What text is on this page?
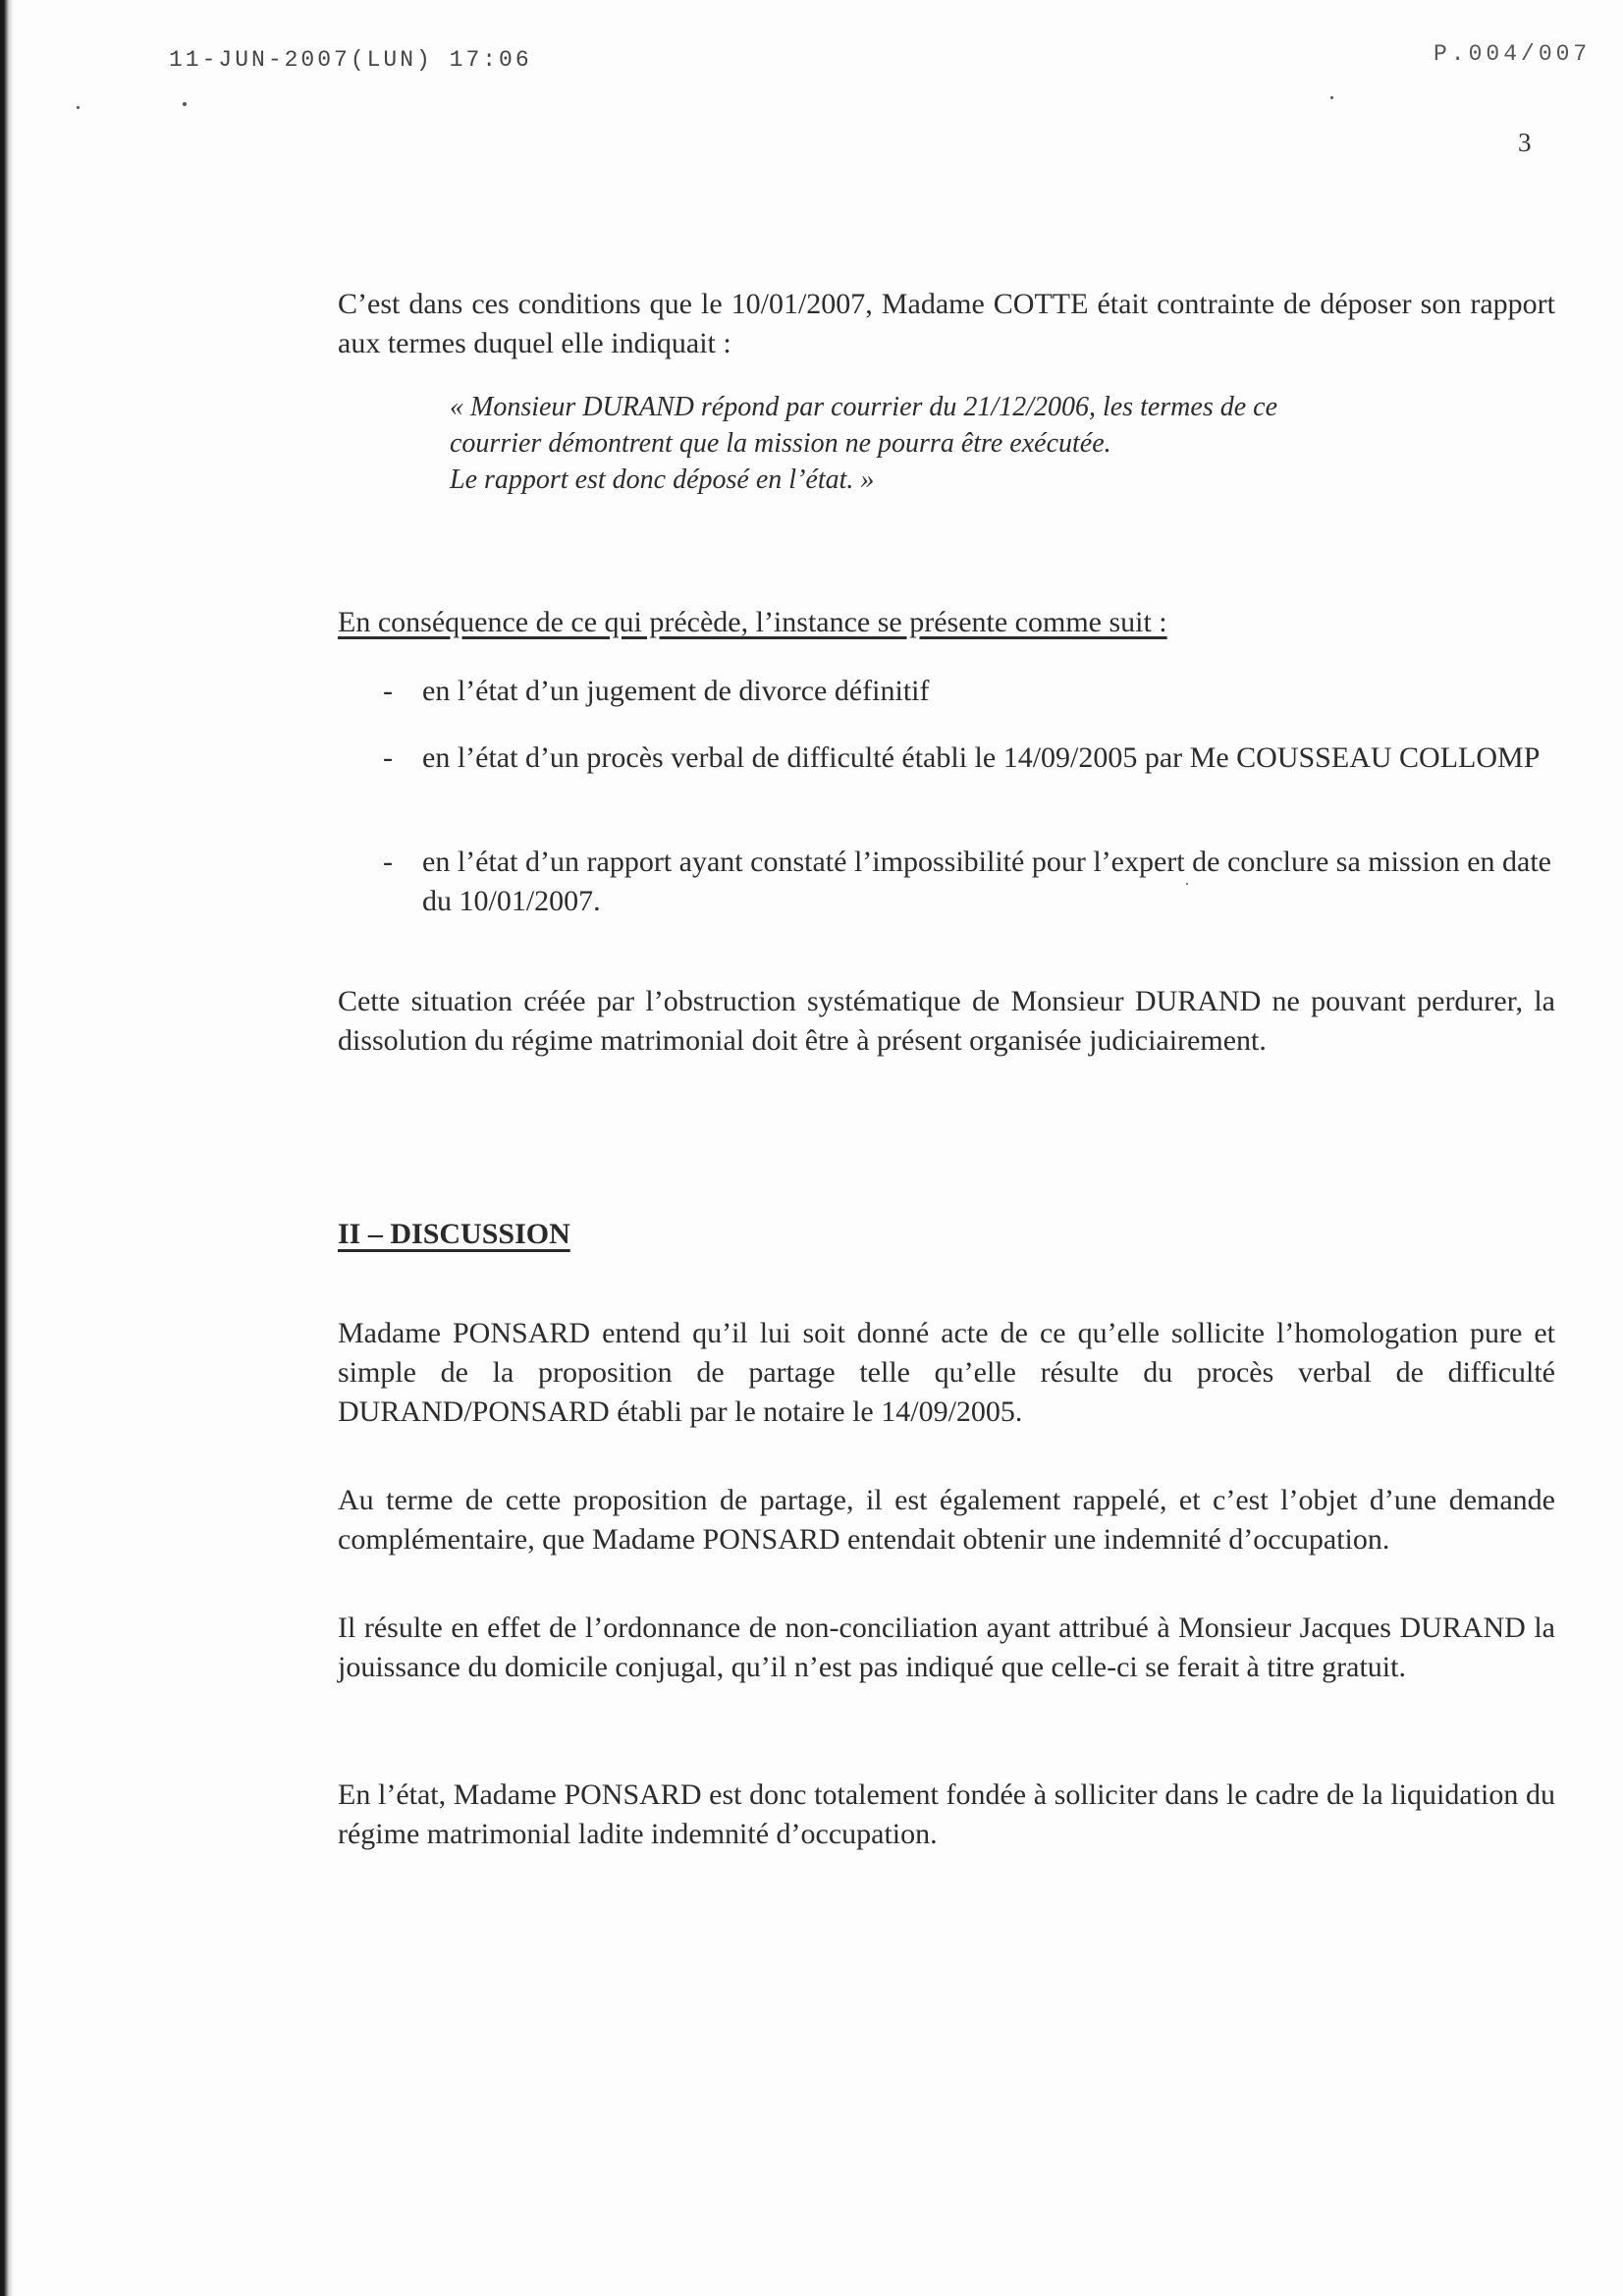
11-JUN-2007(LUN) 17:06	P.004/007
3
C’est dans ces conditions que le 10/01/2007, Madame COTTE était contrainte de déposer son rapport aux termes duquel elle indiquait :
« Monsieur DURAND répond par courrier du 21/12/2006, les termes de ce
courrier démontrent que la mission ne pourra être exécutée.
Le rapport est donc déposé en l’état. »
En conséquence de ce qui précède, l’instance se présente comme suit :
- en l’état d’un jugement de divorce définitif
- en l’état d’un procès verbal de difficulté établi le 14/09/2005 par Me COUSSEAU COLLOMP
- en l’état d’un rapport ayant constaté l’impossibilité pour l’expert de conclure sa mission en date du 10/01/2007.
Cette situation créée par l’obstruction systématique de Monsieur DURAND ne pouvant perdurer, la dissolution du régime matrimonial doit être à présent organisée judiciairement.
II – DISCUSSION
Madame PONSARD entend qu’il lui soit donné acte de ce qu’elle sollicite l’homologation pure et simple de la proposition de partage telle qu’elle résulte du procès verbal de difficulté DURAND/PONSARD établi par le notaire le 14/09/2005.
Au terme de cette proposition de partage, il est également rappelé, et c’est l’objet d’une demande complémentaire, que Madame PONSARD entendait obtenir une indemnité d’occupation.
Il résulte en effet de l’ordonnance de non-conciliation ayant attribué à Monsieur Jacques DURAND la jouissance du domicile conjugal, qu’il n’est pas indiqué que celle-ci se ferait à titre gratuit.
En l’état, Madame PONSARD est donc totalement fondée à solliciter dans le cadre de la liquidation du régime matrimonial ladite indemnité d’occupation.
